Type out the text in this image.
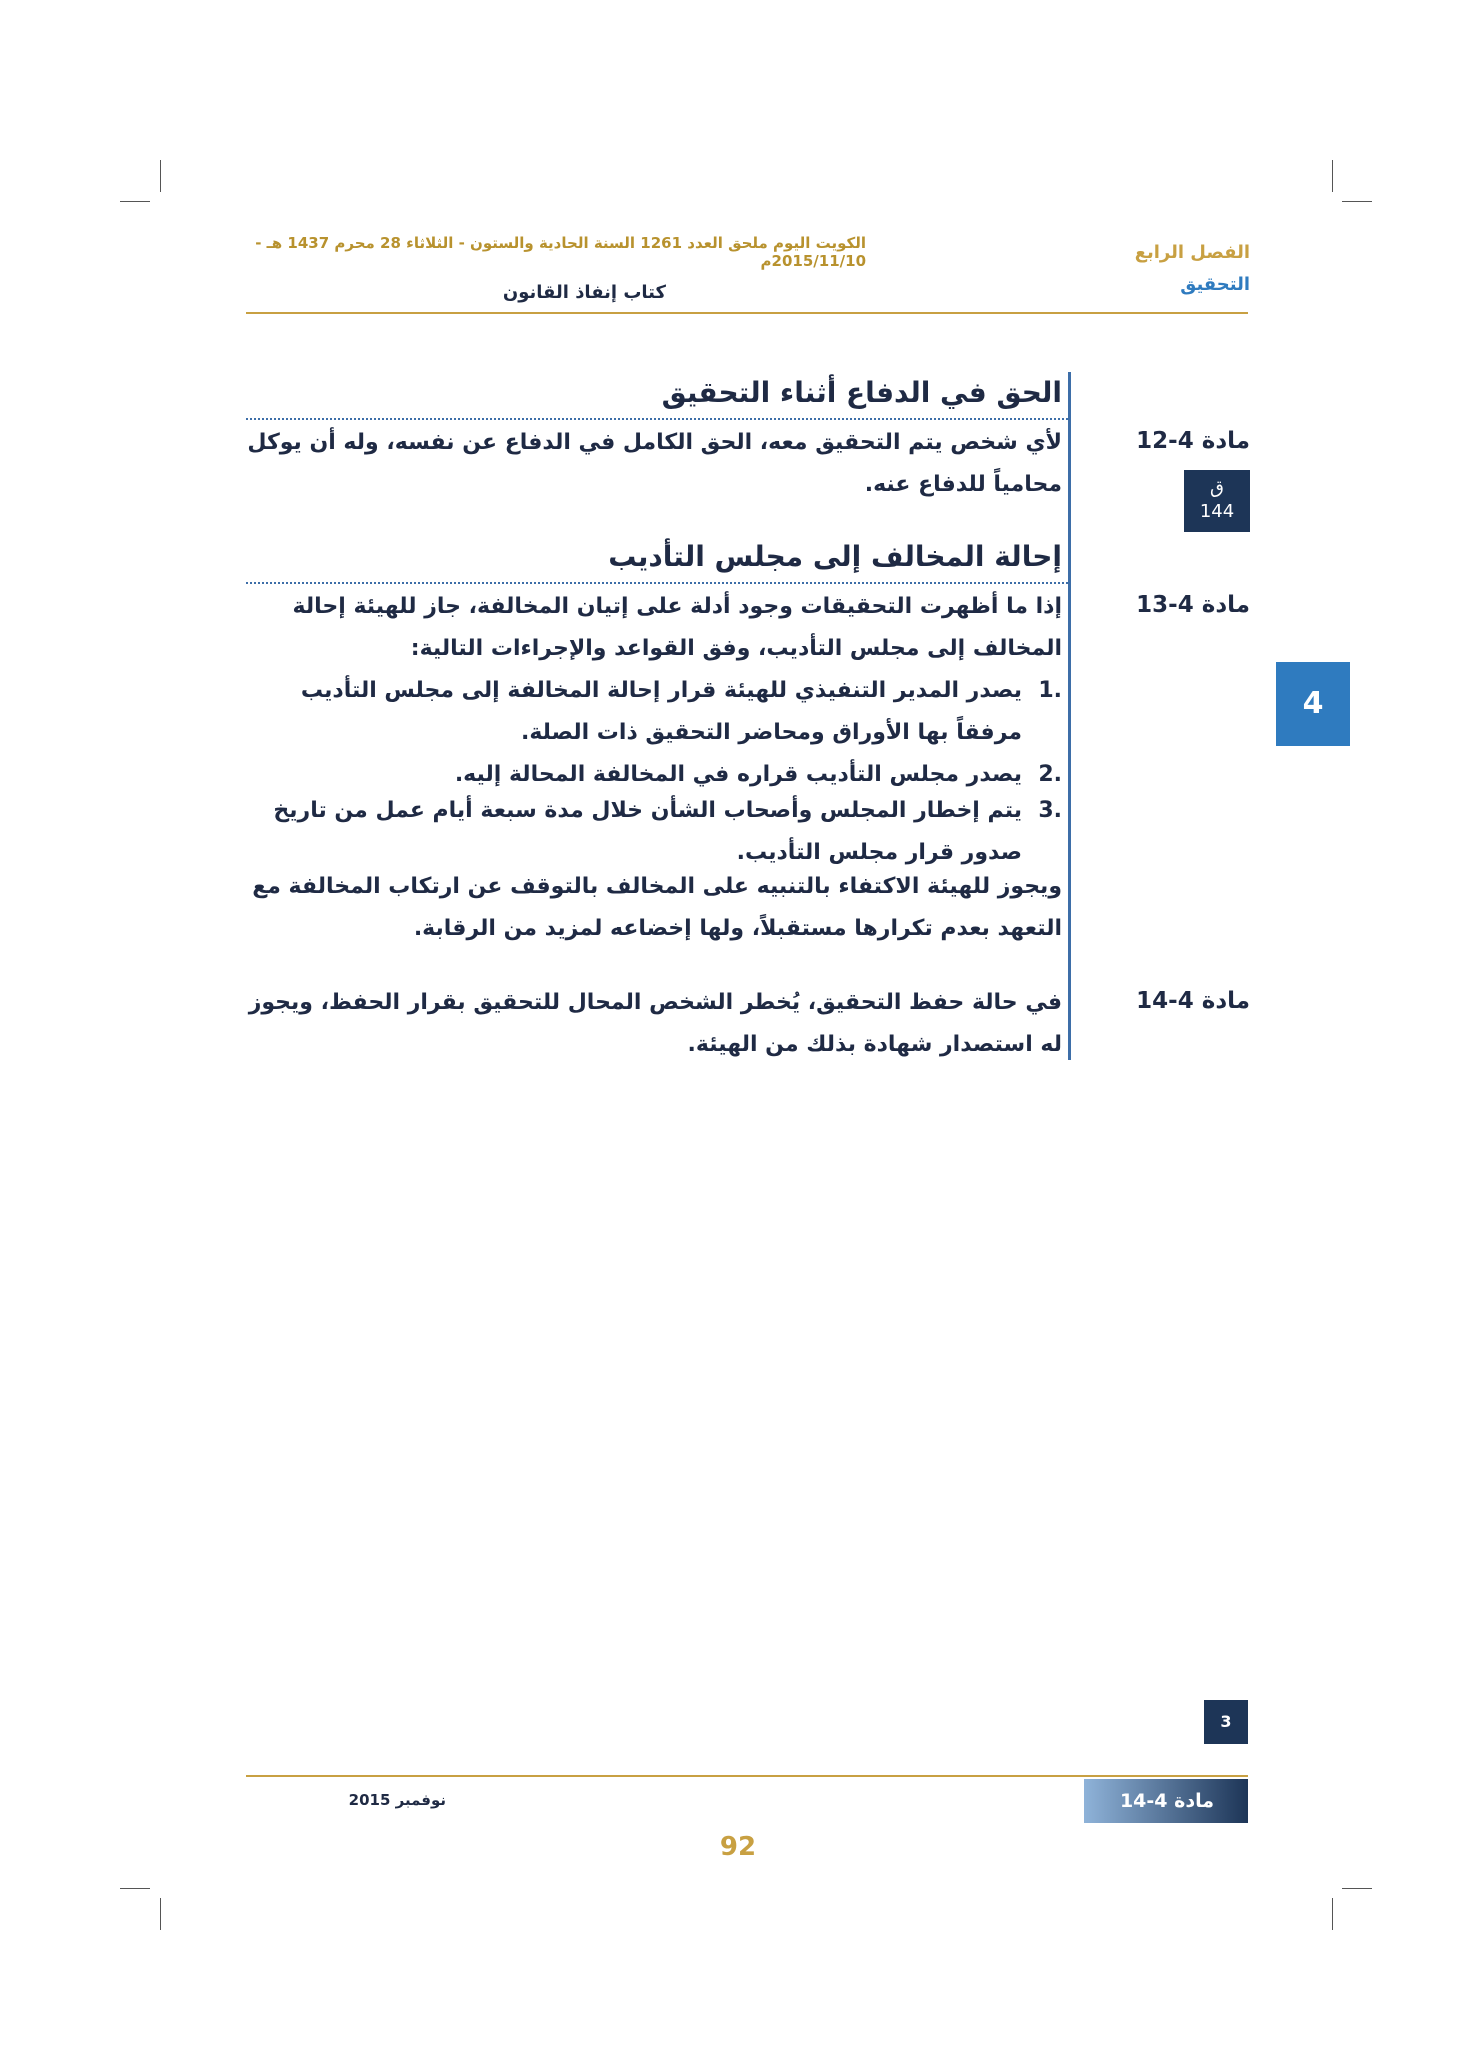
الفصل الرابع
التحقيق
الكويت اليوم ملحق العدد 1261 السنة الحادية والستون - الثلاثاء 28 محرم 1437 هـ - 2015/11/10م
كتاب إنفاذ القانون
الحق في الدفاع أثناء التحقيق
مادة 4-12
ق
144
لأي شخص يتم التحقيق معه، الحق الكامل في الدفاع عن نفسه، وله أن يوكل محامياً للدفاع عنه.
إحالة المخالف إلى مجلس التأديب
مادة 4-13
إذا ما أظهرت التحقيقات وجود أدلة على إتيان المخالفة، جاز للهيئة إحالة المخالف إلى مجلس التأديب، وفق القواعد والإجراءات التالية:
1.
يصدر المدير التنفيذي للهيئة قرار إحالة المخالفة إلى مجلس التأديب مرفقاً بها الأوراق ومحاضر التحقيق ذات الصلة.
2.
يصدر مجلس التأديب قراره في المخالفة المحالة إليه.
3.
يتم إخطار المجلس وأصحاب الشأن خلال مدة سبعة أيام عمل من تاريخ صدور قرار مجلس التأديب.
ويجوز للهيئة الاكتفاء بالتنبيه على المخالف بالتوقف عن ارتكاب المخالفة مع التعهد بعدم تكرارها مستقبلاً، ولها إخضاعه لمزيد من الرقابة.
مادة 4-14
في حالة حفظ التحقيق، يُخطر الشخص المحال للتحقيق بقرار الحفظ، ويجوز له استصدار شهادة بذلك من الهيئة.
4
3
نوفمبر 2015	مادة 4-14
92
